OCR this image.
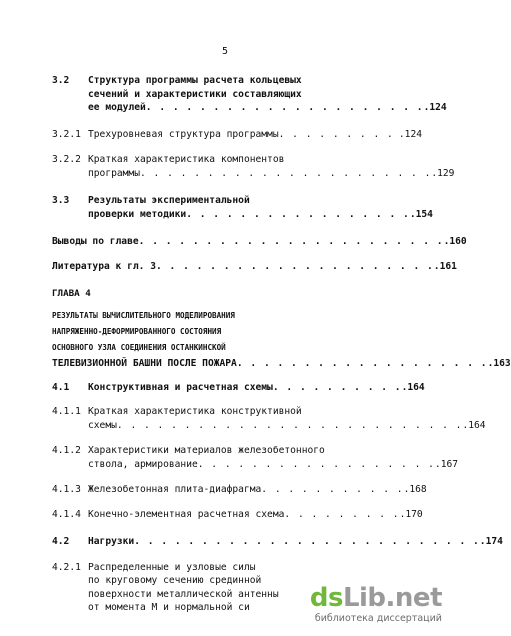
5
3.2 Структура программы расчета кольцевых
сечений и характеристики составляющих
ее модулей . . . . . . . . . . . . . . . . . . . . . .124
3.2.1 Трехуровневая структура программы . . . . . . . . . .124
3.2.2 Краткая характеристика компонентов
программы . . . . . . . . . . . . . . . . . . . . . . .129
3.3 Результаты экспериментальной
проверки методики . . . . . . . . . . . . . . . . . .154
Выводы по главе . . . . . . . . . . . . . . . . . . . . . . . .160
Литература к гл. 3 . . . . . . . . . . . . . . . . . . . . . .161
ГЛАВА 4
РЕЗУЛЬТАТЫ ВЫЧИСЛИТЕЛЬНОГО МОДЕЛИРОВАНИЯ
НАПРЯЖЕННО-ДЕФОРМИРОВАННОГО СОСТОЯНИЯ
ОСНОВНОГО УЗЛА СОЕДИНЕНИЯ ОСТАНКИНСКОЙ
ТЕЛЕВИЗИОННОЙ БАШНИ ПОСЛЕ ПОЖАРА . . . . . . . . . . . . . . . . . . . .163
4.1 Конструктивная и расчетная схемы . . . . . . . . . . .164
4.1.1 Краткая характеристика конструктивной
схемы . . . . . . . . . . . . . . . . . . . . . . . . . . .164
4.1.2 Характеристики материалов железобетонного
ствола, армирование . . . . . . . . . . . . . . . . . . .167
4.1.3 Железобетонная плита-диафрагма . . . . . . . . . . . .168
4.1.4 Конечно-элементная расчетная схема . . . . . . . . . .170
4.2 Нагрузки . . . . . . . . . . . . . . . . . . . . . . . . . . .174
4.2.1 Распределенные и узловые силы
по круговому сечению срединной
поверхности металлической антенны
от момента М и нормальной си	dsLib.net
библиотека диссертаций
